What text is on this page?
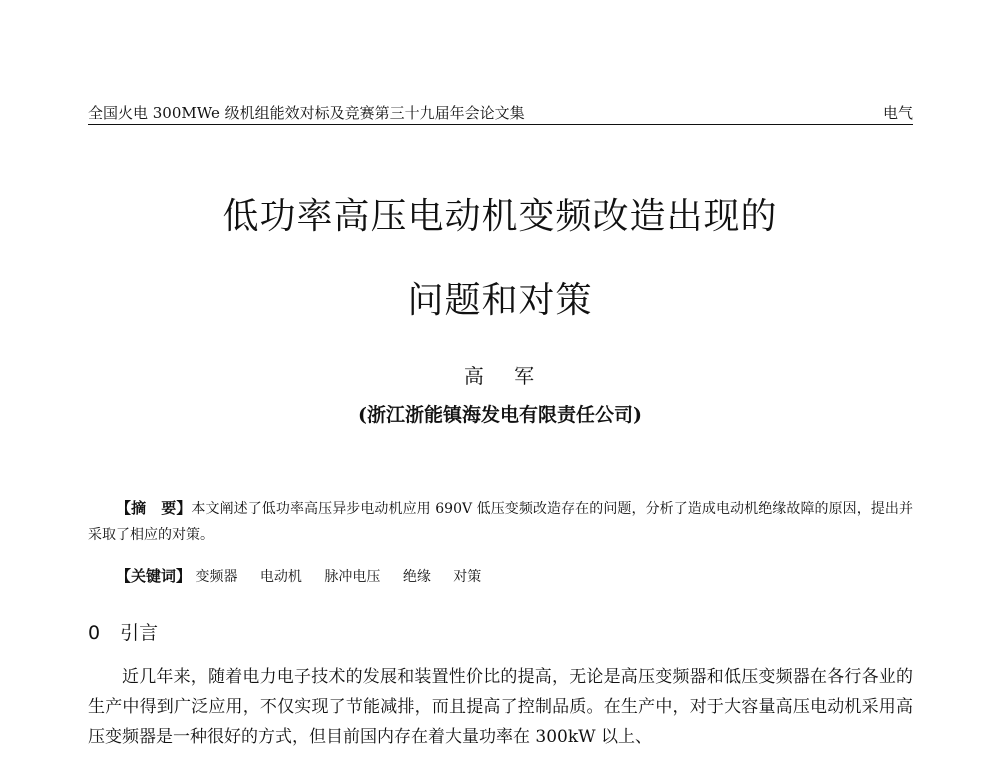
全国火电 300MWe 级机组能效对标及竞赛第三十九届年会论文集	电气
低功率高压电动机变频改造出现的
问题和对策
高 军
(浙江浙能镇海发电有限责任公司)
【摘　要】本文阐述了低功率高压异步电动机应用 690V 低压变频改造存在的问题，分析了造成电动机绝缘故障的原因，提出并采取了相应的对策。
【关键词】 变频器 电动机 脉冲电压 绝缘 对策
0 引言

近几年来，随着电力电子技术的发展和装置性价比的提高，无论是高压变频器和低压变频器在各行各业的生产中得到广泛应用，不仅实现了节能减排，而且提高了控制品质。在生产中，对于大容量高压电动机采用高压变频器是一种很好的方式，但目前国内存在着大量功率在 300kW 以上、
